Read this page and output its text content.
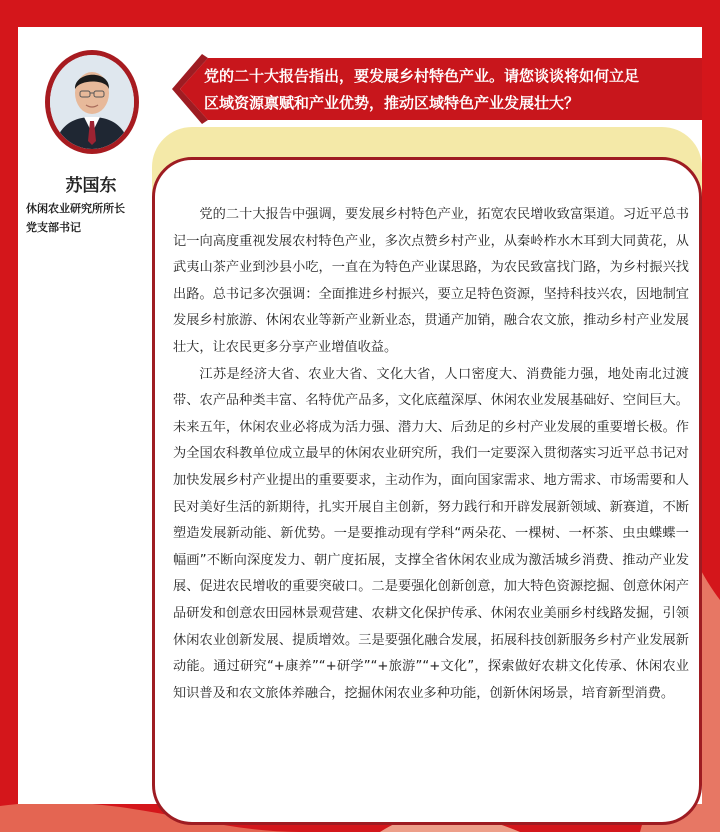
苏国东
休闲农业研究所所长
党支部书记
党的二十大报告指出，要发展乡村特色产业。请您谈谈将如何立足
区域资源禀赋和产业优势，推动区域特色产业发展壮大？

党的二十大报告中强调，要发展乡村特色产业，拓宽农民增收致富渠道。习近平总书记一向高度重视发展农村特色产业，多次点赞乡村产业，从秦岭柞水木耳到大同黄花，从武夷山茶产业到沙县小吃，一直在为特色产业谋思路，为农民致富找门路，为乡村振兴找出路。总书记多次强调：全面推进乡村振兴，要立足特色资源，坚持科技兴农，因地制宜发展乡村旅游、休闲农业等新产业新业态，贯通产加销，融合农文旅，推动乡村产业发展壮大，让农民更多分享产业增值收益。

江苏是经济大省、农业大省、文化大省，人口密度大、消费能力强，地处南北过渡带、农产品种类丰富、名特优产品多，文化底蕴深厚、休闲农业发展基础好、空间巨大。未来五年，休闲农业必将成为活力强、潜力大、后劲足的乡村产业发展的重要增长极。作为全国农科教单位成立最早的休闲农业研究所，我们一定要深入贯彻落实习近平总书记对加快发展乡村产业提出的重要要求，主动作为，面向国家需求、地方需求、市场需要和人民对美好生活的新期待，扎实开展自主创新，努力践行和开辟发展新领域、新赛道，不断塑造发展新动能、新优势。一是要推动现有学科“两朵花、一棵树、一杯茶、虫虫蝶蝶一幅画”不断向深度发力、朝广度拓展，支撑全省休闲农业成为激活城乡消费、推动产业发展、促进农民增收的重要突破口。二是要强化创新创意，加大特色资源挖掘、创意休闲产品研发和创意农田园林景观营建、农耕文化保护传承、休闲农业美丽乡村线路发掘，引领休闲农业创新发展、提质增效。三是要强化融合发展，拓展科技创新服务乡村产业发展新动能。通过研究“+康养”“+研学”“+旅游”“+文化”，探索做好农耕文化传承、休闲农业知识普及和农文旅体养融合，挖掘休闲农业多种功能，创新休闲场景，培育新型消费。
